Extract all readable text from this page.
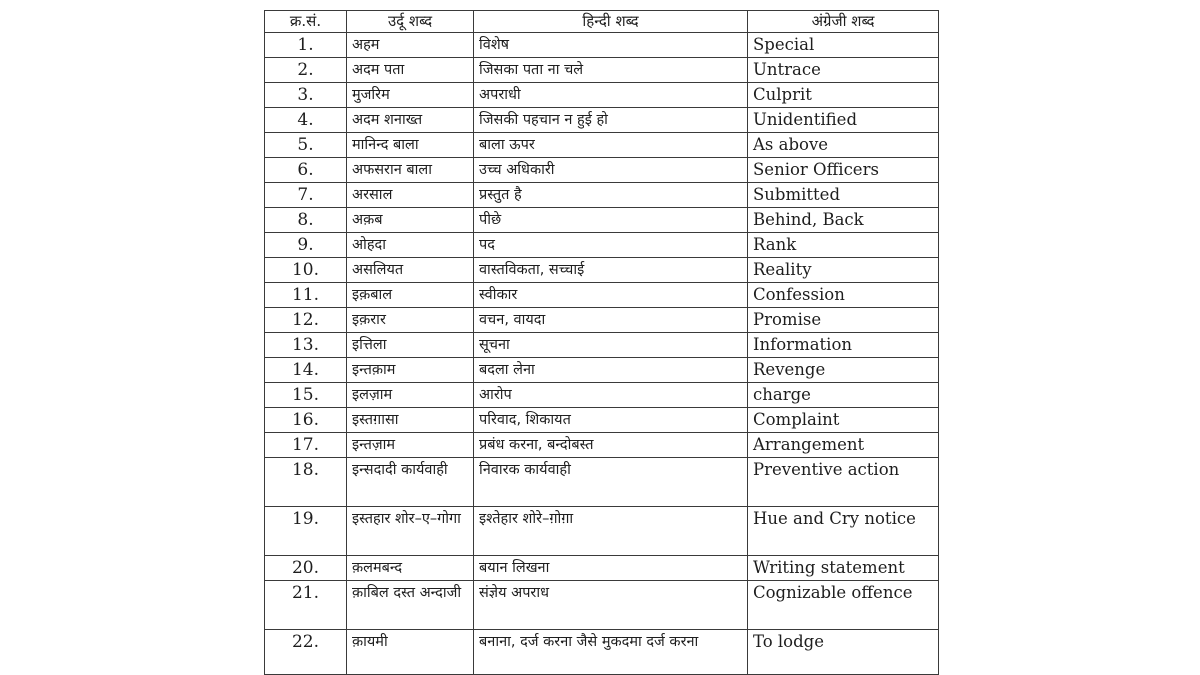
क्र.सं.	उर्दू शब्द	हिन्दी शब्द	अंग्रेजी शब्द
1.	अहम	विशेष	Special
2.	अदम पता	जिसका पता ना चले	Untrace
3.	मुजरिम	अपराधी	Culprit
4.	अदम शनाख्त	जिसकी पहचान न हुई हो	Unidentified
5.	मानिन्द बाला	बाला ऊपर	As above
6.	अफसरान बाला	उच्च अधिकारी	Senior Officers
7.	अरसाल	प्रस्तुत है	Submitted
8.	अक़ब	पीछे	Behind, Back
9.	ओहदा	पद	Rank
10.	असलियत	वास्तविकता, सच्चाई	Reality
11.	इक़बाल	स्वीकार	Confession
12.	इक़रार	वचन, वायदा	Promise
13.	इत्तिला	सूचना	Information
14.	इन्तक़ाम	बदला लेना	Revenge
15.	इलज़ाम	आरोप	charge
16.	इस्तग़ासा	परिवाद, शिकायत	Complaint
17.	इन्तज़ाम	प्रबंध करना, बन्दोबस्त	Arrangement
18.	इन्सदादी कार्यवाही	निवारक कार्यवाही	Preventive action
19.	इस्तहार शोर–ए–गोगा	इश्तेहार शोरे–ग़ोग़ा	Hue and Cry notice
20.	क़लमबन्द	बयान लिखना	Writing statement
21.	क़ाबिल दस्त अन्दाजी	संज्ञेय अपराध	Cognizable offence
22.	क़ायमी	बनाना, दर्ज करना जैसे मुकदमा दर्ज करना	To lodge
